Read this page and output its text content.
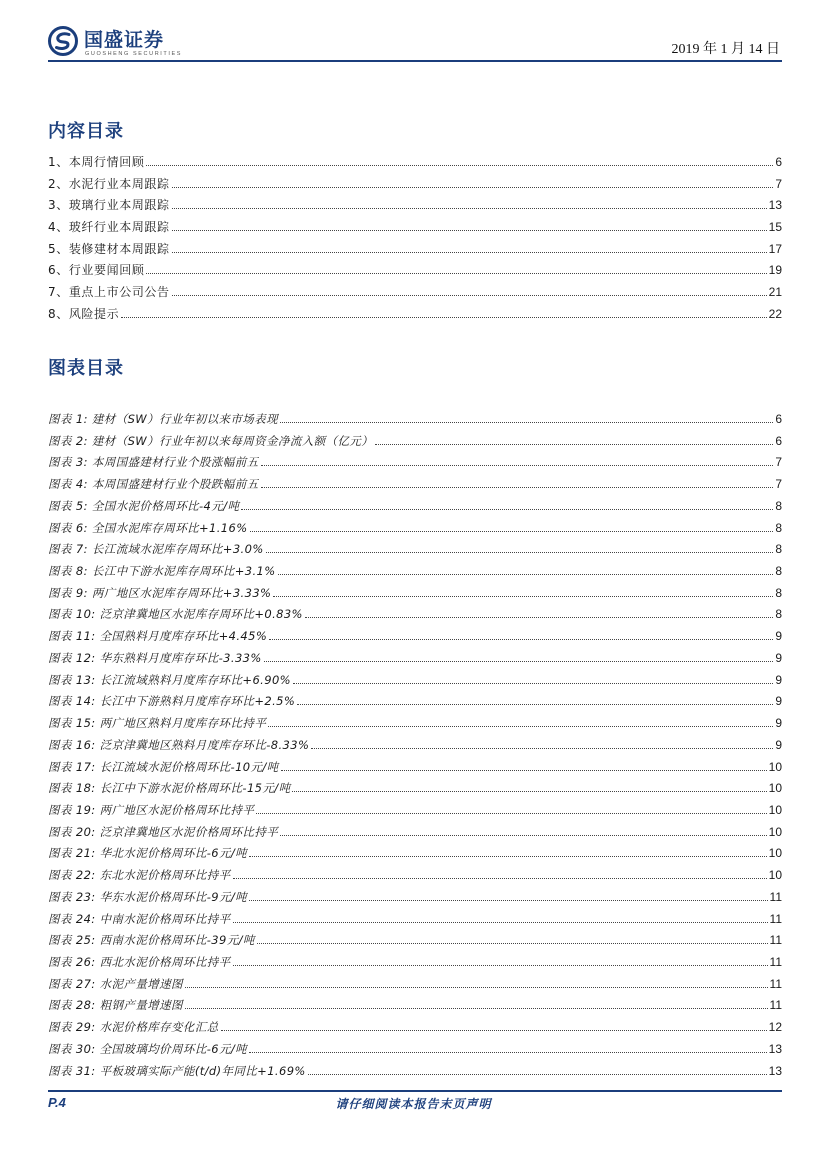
国盛证券
GUOSHENG SECURITIES	2019 年 1 月 14 日
内容目录
1、本周行情回顾	6
2、水泥行业本周跟踪	7
3、玻璃行业本周跟踪	13
4、玻纤行业本周跟踪	15
5、装修建材本周跟踪	17
6、行业要闻回顾	19
7、重点上市公司公告	21
8、风险提示	22
图表目录
图表 1: 建材（SW）行业年初以来市场表现	6
图表 2: 建材（SW）行业年初以来每周资金净流入额（亿元）	6
图表 3: 本周国盛建材行业个股涨幅前五	7
图表 4: 本周国盛建材行业个股跌幅前五	7
图表 5: 全国水泥价格周环比-4元/吨	8
图表 6: 全国水泥库存周环比+1.16%	8
图表 7: 长江流域水泥库存周环比+3.0%	8
图表 8: 长江中下游水泥库存周环比+3.1%	8
图表 9: 两广地区水泥库存周环比+3.33%	8
图表 10: 泛京津冀地区水泥库存周环比+0.83%	8
图表 11: 全国熟料月度库存环比+4.45%	9
图表 12: 华东熟料月度库存环比-3.33%	9
图表 13: 长江流域熟料月度库存环比+6.90%	9
图表 14: 长江中下游熟料月度库存环比+2.5%	9
图表 15: 两广地区熟料月度库存环比持平	9
图表 16: 泛京津冀地区熟料月度库存环比-8.33%	9
图表 17: 长江流域水泥价格周环比-10元/吨	10
图表 18: 长江中下游水泥价格周环比-15元/吨	10
图表 19: 两广地区水泥价格周环比持平	10
图表 20: 泛京津冀地区水泥价格周环比持平	10
图表 21: 华北水泥价格周环比-6元/吨	10
图表 22: 东北水泥价格周环比持平	10
图表 23: 华东水泥价格周环比-9元/吨	11
图表 24: 中南水泥价格周环比持平	11
图表 25: 西南水泥价格周环比-39元/吨	11
图表 26: 西北水泥价格周环比持平	11
图表 27: 水泥产量增速图	11
图表 28: 粗钢产量增速图	11
图表 29: 水泥价格库存变化汇总	12
图表 30: 全国玻璃均价周环比-6元/吨	13
图表 31: 平板玻璃实际产能(t/d)年同比+1.69%	13
P.4	请仔细阅读本报告末页声明
